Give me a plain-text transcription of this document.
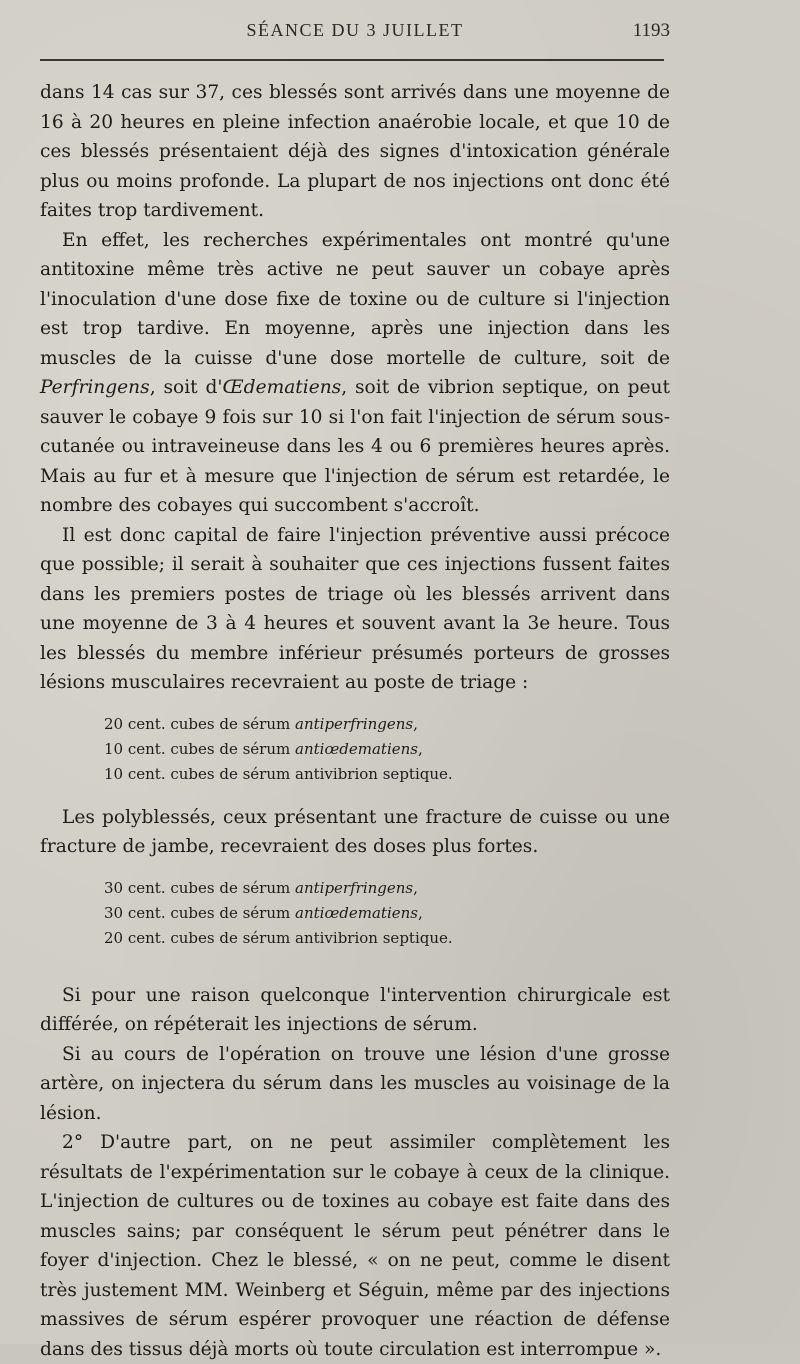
SÉANCE DU 3 JUILLET	1193

dans 14 cas sur 37, ces blessés sont arrivés dans une moyenne de 16 à 20 heures en pleine infection anaérobie locale, et que 10 de ces blessés présentaient déjà des signes d'intoxication générale plus ou moins profonde. La plupart de nos injections ont donc été faites trop tardivement.

En effet, les recherches expérimentales ont montré qu'une antitoxine même très active ne peut sauver un cobaye après l'inoculation d'une dose fixe de toxine ou de culture si l'injection est trop tardive. En moyenne, après une injection dans les muscles de la cuisse d'une dose mortelle de culture, soit de Perfringens, soit d'Œdematiens, soit de vibrion septique, on peut sauver le cobaye 9 fois sur 10 si l'on fait l'injection de sérum sous-cutanée ou intraveineuse dans les 4 ou 6 premières heures après. Mais au fur et à mesure que l'injection de sérum est retardée, le nombre des cobayes qui succombent s'accroît.

Il est donc capital de faire l'injection préventive aussi précoce que possible; il serait à souhaiter que ces injections fussent faites dans les premiers postes de triage où les blessés arrivent dans une moyenne de 3 à 4 heures et souvent avant la 3e heure. Tous les blessés du membre inférieur présumés porteurs de grosses lésions musculaires recevraient au poste de triage :

20 cent. cubes de sérum antiperfringens,
10 cent. cubes de sérum antiœdematiens,
10 cent. cubes de sérum antivibrion septique.

Les polyblessés, ceux présentant une fracture de cuisse ou une fracture de jambe, recevraient des doses plus fortes.

30 cent. cubes de sérum antiperfringens,
30 cent. cubes de sérum antiœdematiens,
20 cent. cubes de sérum antivibrion septique.

Si pour une raison quelconque l'intervention chirurgicale est différée, on répéterait les injections de sérum.

Si au cours de l'opération on trouve une lésion d'une grosse artère, on injectera du sérum dans les muscles au voisinage de la lésion.

2° D'autre part, on ne peut assimiler complètement les résultats de l'expérimentation sur le cobaye à ceux de la clinique. L'injection de cultures ou de toxines au cobaye est faite dans des muscles sains; par conséquent le sérum peut pénétrer dans le foyer d'injection. Chez le blessé, « on ne peut, comme le disent très justement MM. Weinberg et Séguin, même par des injections massives de sérum espérer provoquer une réaction de défense dans des tissus déjà morts où toute circulation est interrompue ».
